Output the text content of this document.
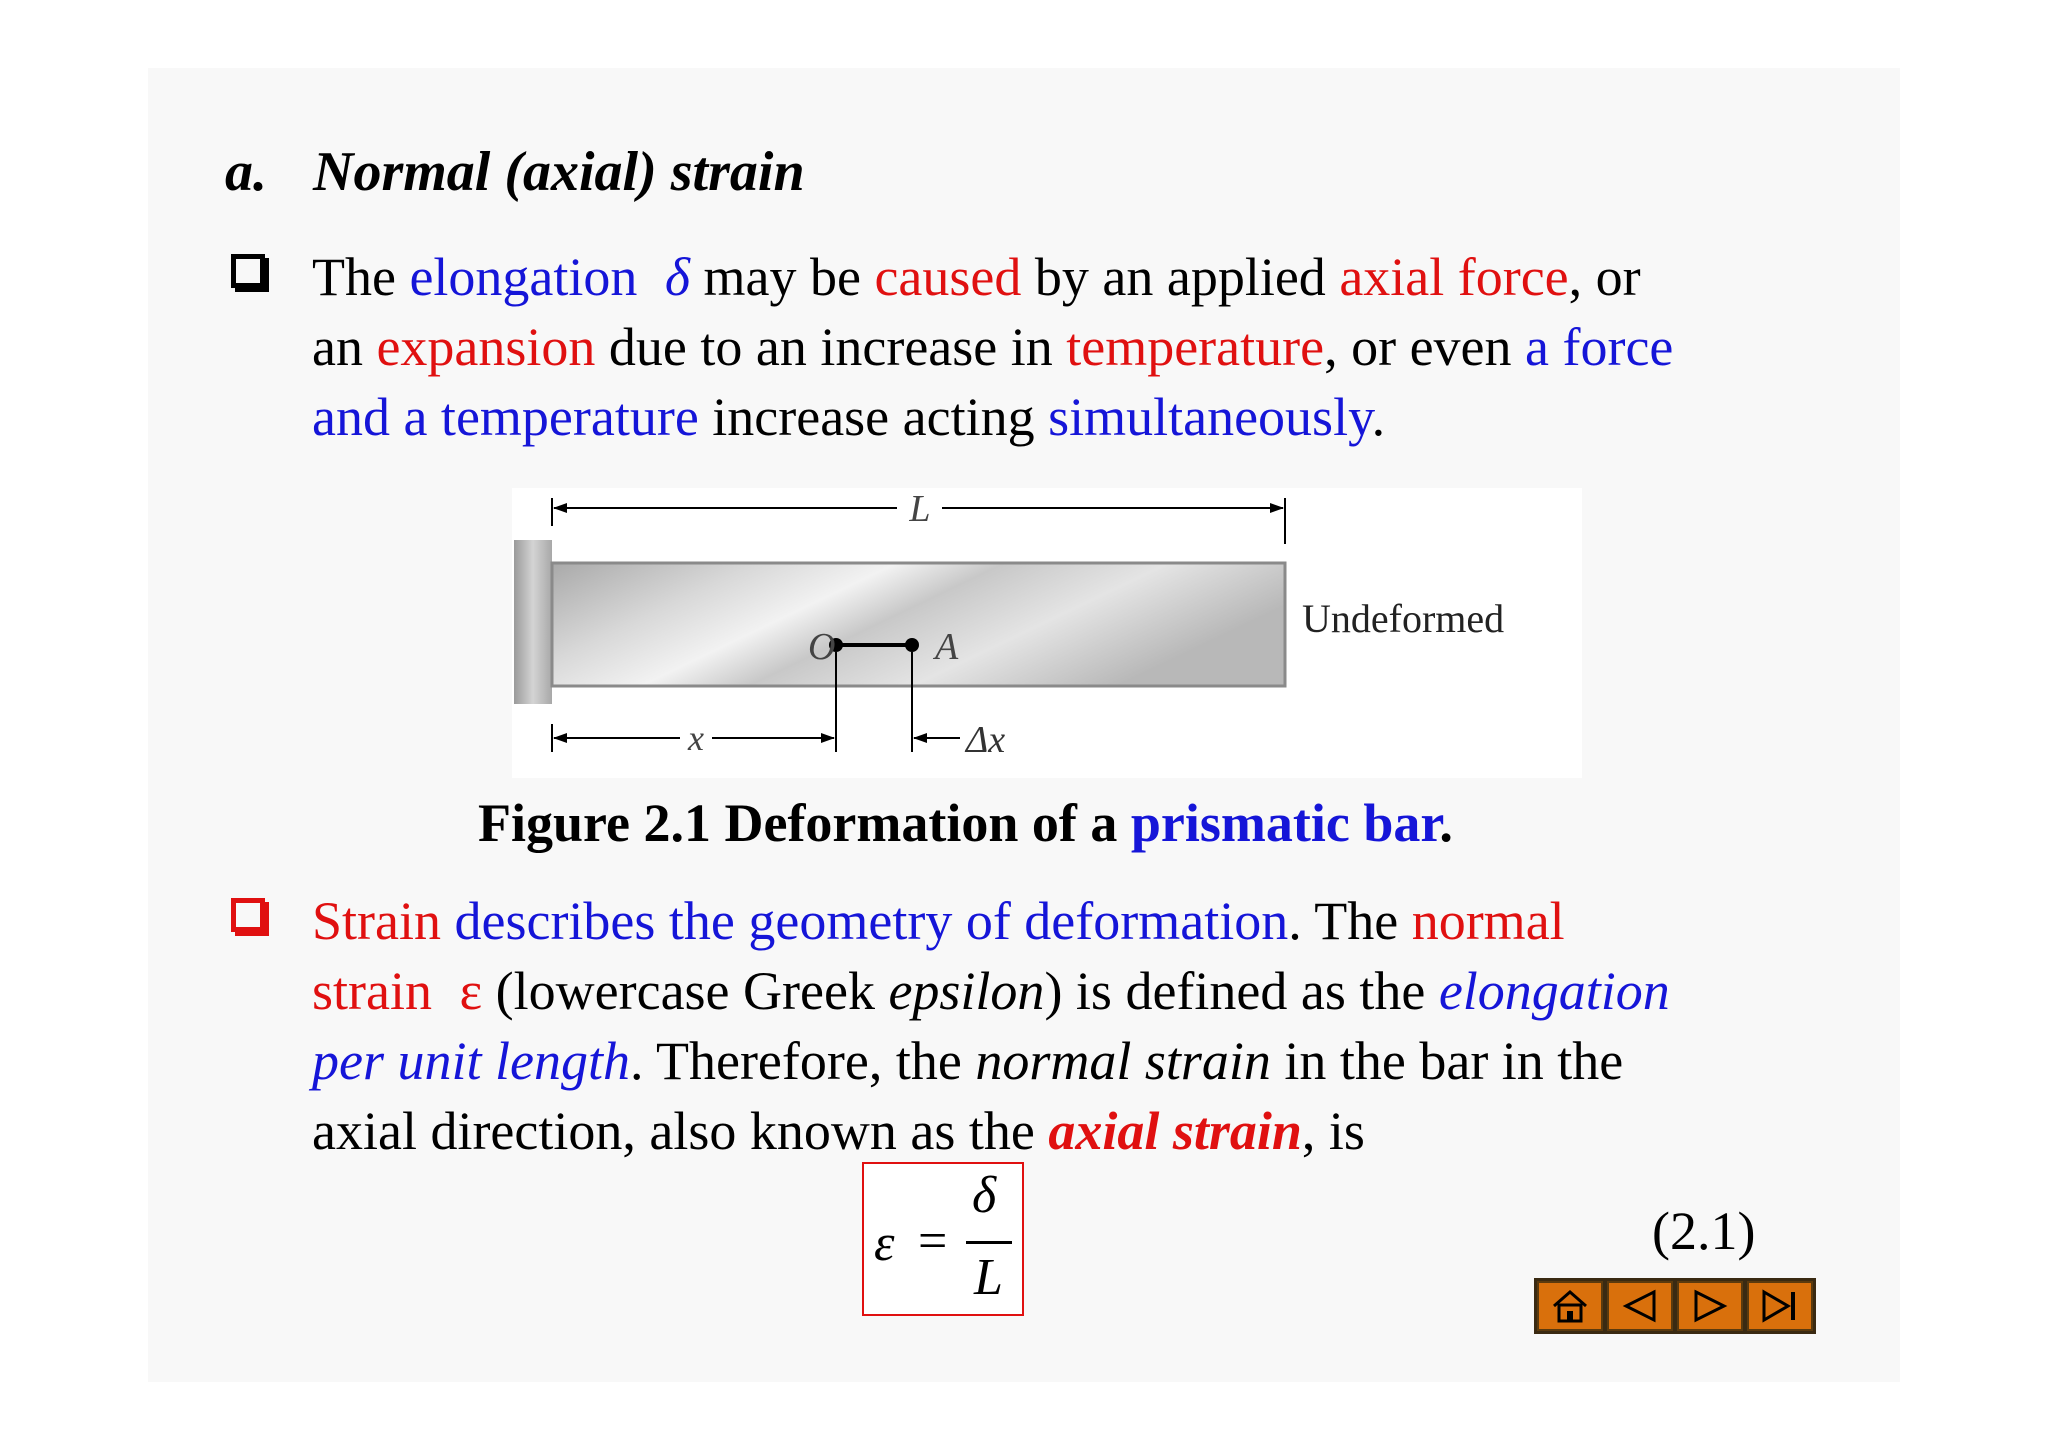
a. Normal (axial) strain
The elongation δ may be caused by an applied axial force, or
an expansion due to an increase in temperature, or even a force
and a temperature increase acting simultaneously.
L
Undeformed
O	A
x	Δx
Figure 2.1 Deformation of a prismatic bar.
Strain describes the geometry of deformation. The normal
strain ε (lowercase Greek epsilon) is defined as the elongation
per unit length. Therefore, the normal strain in the bar in the
axial direction, also known as the axial strain, is
ε =
δ
L
(2.1)
